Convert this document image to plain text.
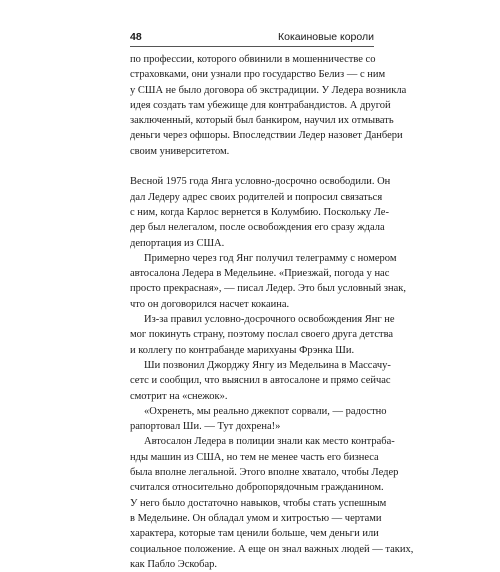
48	Кокаиновые короли
по профессии, которого обвинили в мошенничестве со
страховками, они узнали про государство Белиз — с ним
у США не было договора об экстрадиции. У Ледера возникла
идея создать там убежище для контрабандистов. А другой
заключенный, который был банкиром, научил их отмывать
деньги через офшоры. Впоследствии Ледер назовет Данбери
своим университетом.
Весной 1975 года Янга условно-досрочно освободили. Он
дал Ледеру адрес своих родителей и попросил связаться
с ним, когда Карлос вернется в Колумбию. Поскольку Ле-
дер был нелегалом, после освобождения его сразу ждала
депортация из США.
Примерно через год Янг получил телеграмму с номером
автосалона Ледера в Медельине. «Приезжай, погода у нас
просто прекрасная», — писал Ледер. Это был условный знак,
что он договорился насчет кокаина.
Из-за правил условно-досрочного освобождения Янг не
мог покинуть страну, поэтому послал своего друга детства
и коллегу по контрабанде марихуаны Фрэнка Ши.
Ши позвонил Джорджу Янгу из Медельина в Массачу-
сетс и сообщил, что выяснил в автосалоне и прямо сейчас
смотрит на «снежок».
«Охренеть, мы реально джекпот сорвали, — радостно
рапортовал Ши. — Тут дохрена!»
Автосалон Ледера в полиции знали как место контраба-
нды машин из США, но тем не менее часть его бизнеса
была вполне легальной. Этого вполне хватало, чтобы Ледер
считался относительно добропорядочным гражданином.
У него было достаточно навыков, чтобы стать успешным
в Медельине. Он обладал умом и хитростью — чертами
характера, которые там ценили больше, чем деньги или
социальное положение. А еще он знал важных людей — таких,
как Пабло Эскобар.
